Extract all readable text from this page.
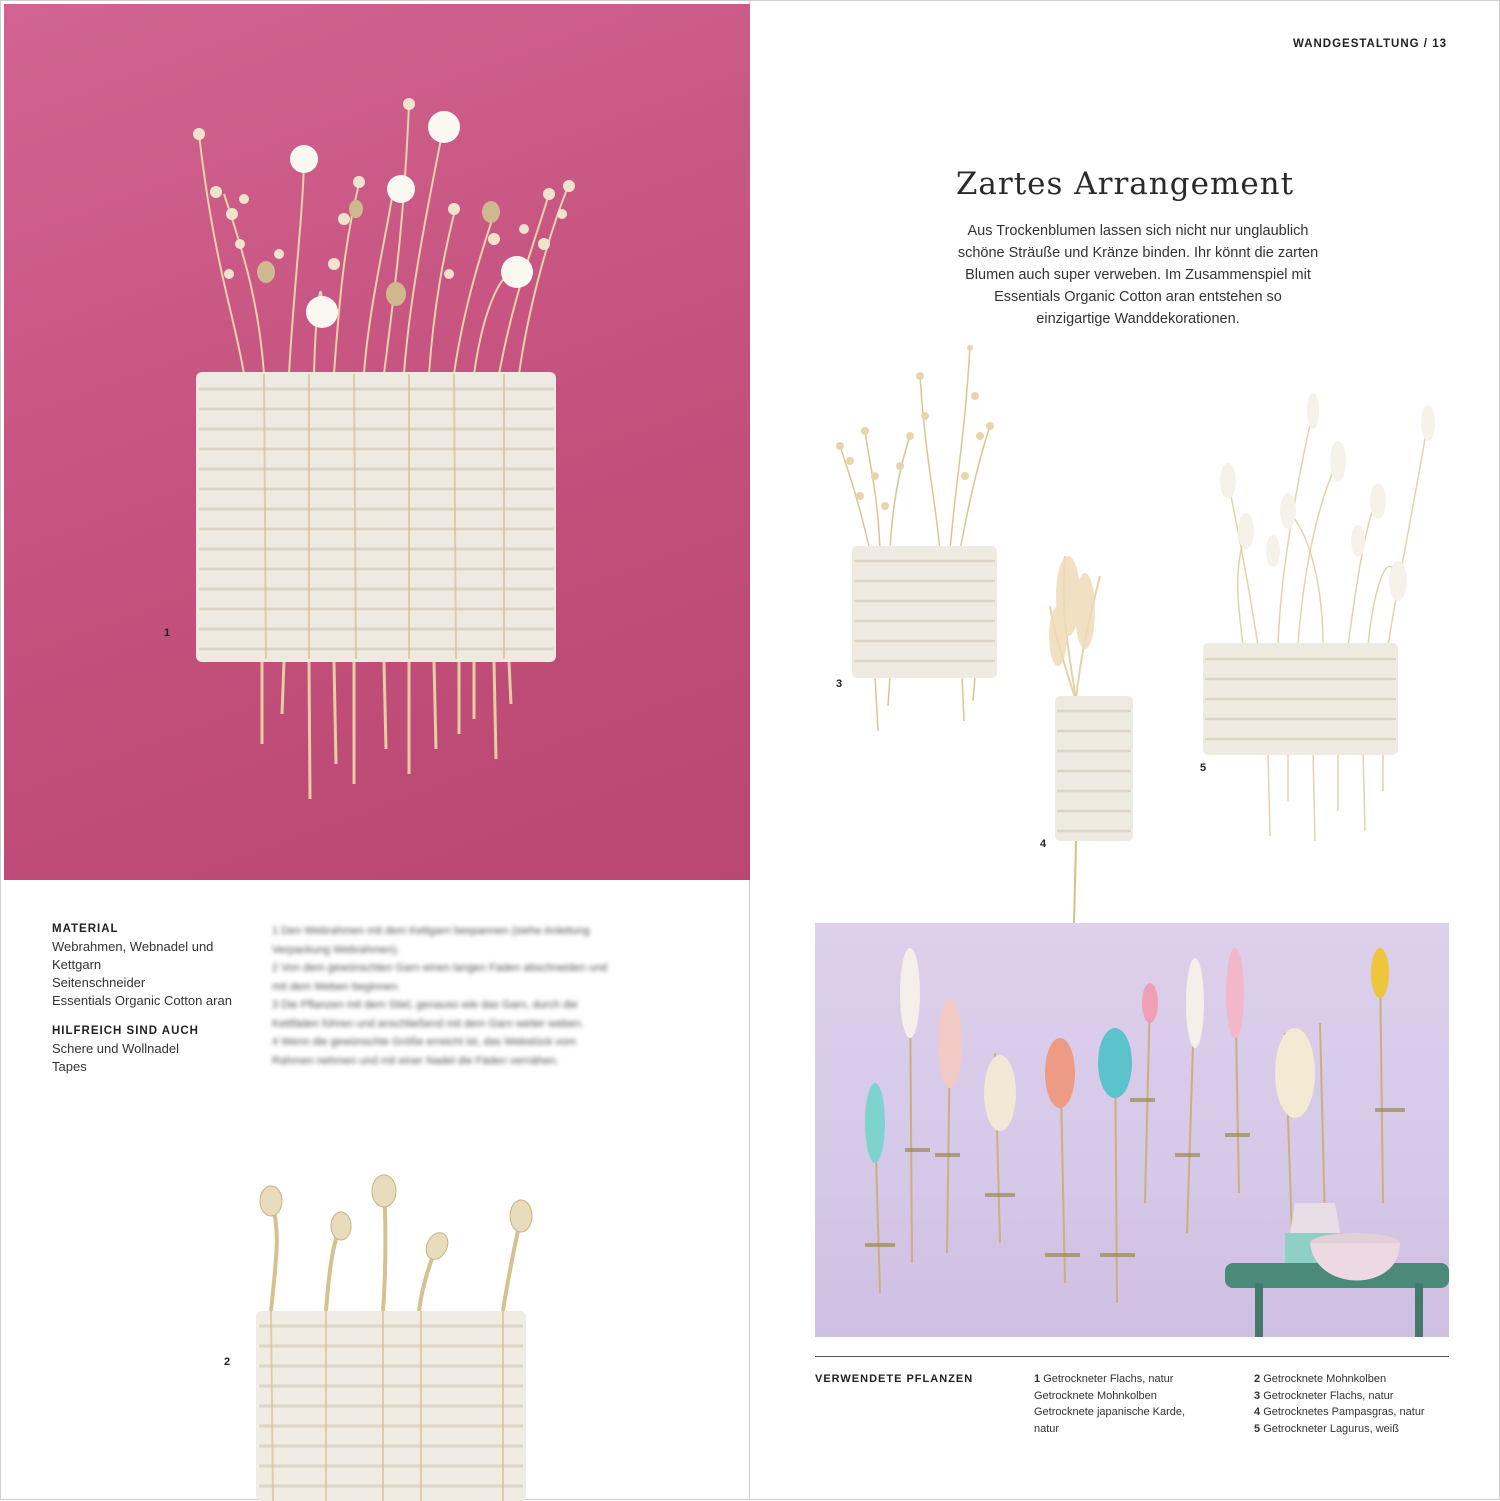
1
MATERIAL
Webrahmen, Webnadel und
Kettgarn
Seitenschneider
Essentials Organic Cotton aran
HILFREICH SIND AUCH
Schere und Wollnadel
Tapes
1 Den Webrahmen mit dem Kettgarn bespannen (siehe Anleitung
Verpackung Webrahmen).
2 Von dem gewünschten Garn einen langen Faden abschneiden und
mit dem Weben beginnen.
3 Die Pflanzen mit dem Stiel, genauso wie das Garn, durch die
Kettfäden führen und anschließend mit dem Garn weiter weben.
4 Wenn die gewünschte Größe erreicht ist, das Webstück vom
Rahmen nehmen und mit einer Nadel die Fäden vernähen.
2
WANDGESTALTUNG / 13
Zartes Arrangement
Aus Trockenblumen lassen sich nicht nur unglaublich
schöne Sträuße und Kränze binden. Ihr könnt die zarten
Blumen auch super verweben. Im Zusammenspiel mit
Essentials Organic Cotton aran entstehen so
einzigartige Wanddekorationen.
3
4
5
VERWENDETE PFLANZEN	1 Getrockneter Flachs, natur
Getrocknete Mohnkolben
Getrocknete japanische Karde,
natur
2 Getrocknete Mohnkolben
3 Getrockneter Flachs, natur
4 Getrocknetes Pampasgras, natur
5 Getrockneter Lagurus, weiß
